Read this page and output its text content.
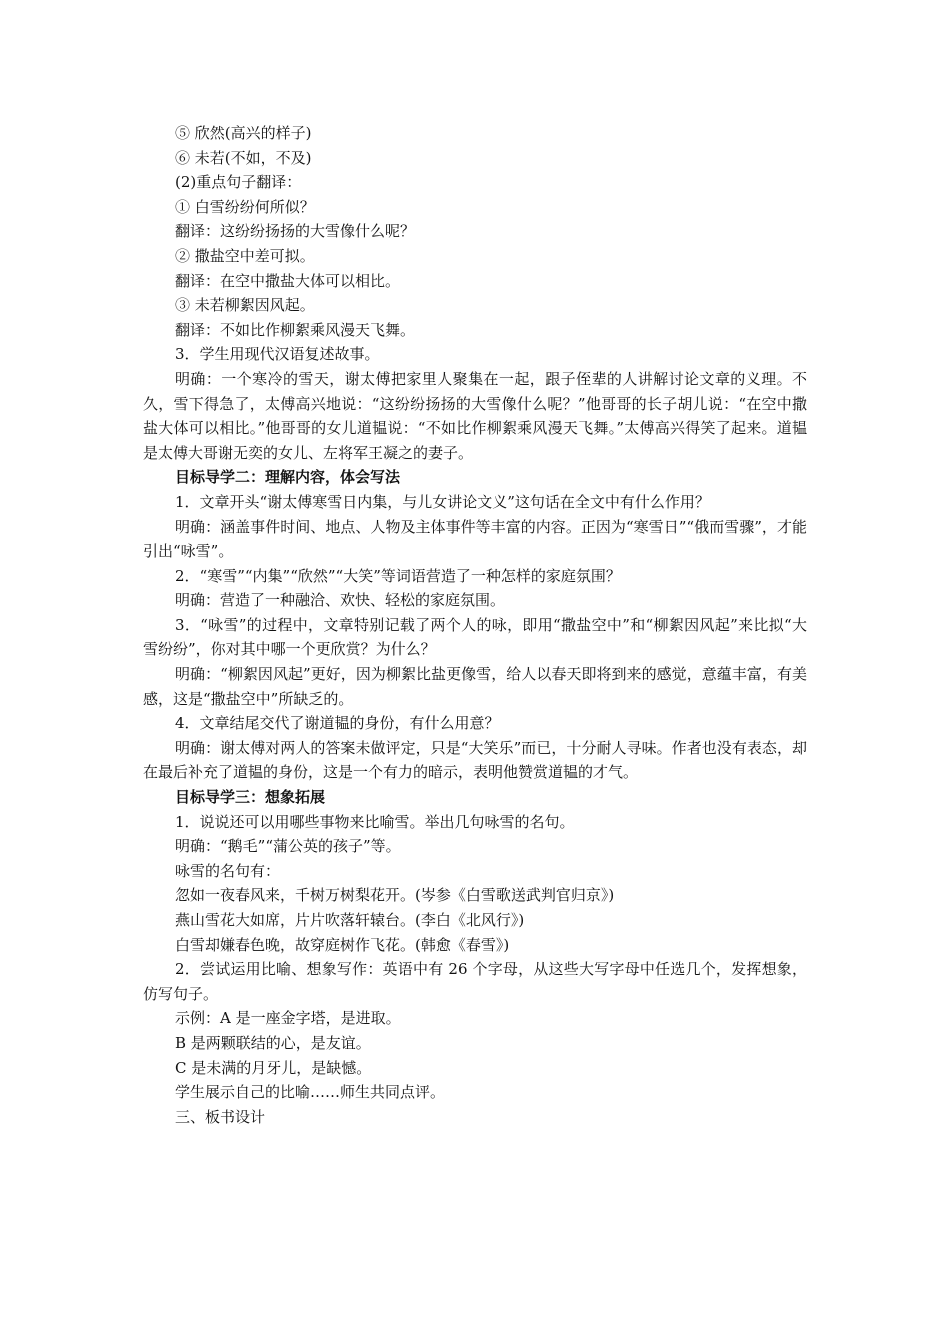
⑤ 欣然(高兴的样子)

⑥ 未若(不如，不及)

(2)重点句子翻译：

① 白雪纷纷何所似？

翻译：这纷纷扬扬的大雪像什么呢？

② 撒盐空中差可拟。

翻译：在空中撒盐大体可以相比。

③ 未若柳絮因风起。

翻译：不如比作柳絮乘风漫天飞舞。

3．学生用现代汉语复述故事。

明确：一个寒冷的雪天，谢太傅把家里人聚集在一起，跟子侄辈的人讲解讨论文章的义理。不久，雪下得急了，太傅高兴地说：“这纷纷扬扬的大雪像什么呢？”他哥哥的长子胡儿说：“在空中撒盐大体可以相比。”他哥哥的女儿道韫说：“不如比作柳絮乘风漫天飞舞。”太傅高兴得笑了起来。道韫是太傅大哥谢无奕的女儿、左将军王凝之的妻子。

目标导学二：理解内容，体会写法

1．文章开头“谢太傅寒雪日内集，与儿女讲论文义”这句话在全文中有什么作用？

明确：涵盖事件时间、地点、人物及主体事件等丰富的内容。正因为“寒雪日”“俄而雪骤”，才能引出“咏雪”。

2．“寒雪”“内集”“欣然”“大笑”等词语营造了一种怎样的家庭氛围？

明确：营造了一种融洽、欢快、轻松的家庭氛围。

3．“咏雪”的过程中，文章特别记载了两个人的咏，即用“撒盐空中”和“柳絮因风起”来比拟“大雪纷纷”，你对其中哪一个更欣赏？为什么？

明确：“柳絮因风起”更好，因为柳絮比盐更像雪，给人以春天即将到来的感觉，意蕴丰富，有美感，这是“撒盐空中”所缺乏的。

4．文章结尾交代了谢道韫的身份，有什么用意？

明确：谢太傅对两人的答案未做评定，只是“大笑乐”而已，十分耐人寻味。作者也没有表态，却在最后补充了道韫的身份，这是一个有力的暗示，表明他赞赏道韫的才气。

目标导学三：想象拓展

1．说说还可以用哪些事物来比喻雪。举出几句咏雪的名句。

明确：“鹅毛”“蒲公英的孩子”等。

咏雪的名句有：

忽如一夜春风来，千树万树梨花开。(岑参《白雪歌送武判官归京》)

燕山雪花大如席，片片吹落轩辕台。(李白《北风行》)

白雪却嫌春色晚，故穿庭树作飞花。(韩愈《春雪》)

2．尝试运用比喻、想象写作：英语中有 26 个字母，从这些大写字母中任选几个，发挥想象，仿写句子。

示例：A 是一座金字塔，是进取。

B 是两颗联结的心，是友谊。

C 是未满的月牙儿，是缺憾。

学生展示自己的比喻……师生共同点评。

三、板书设计
